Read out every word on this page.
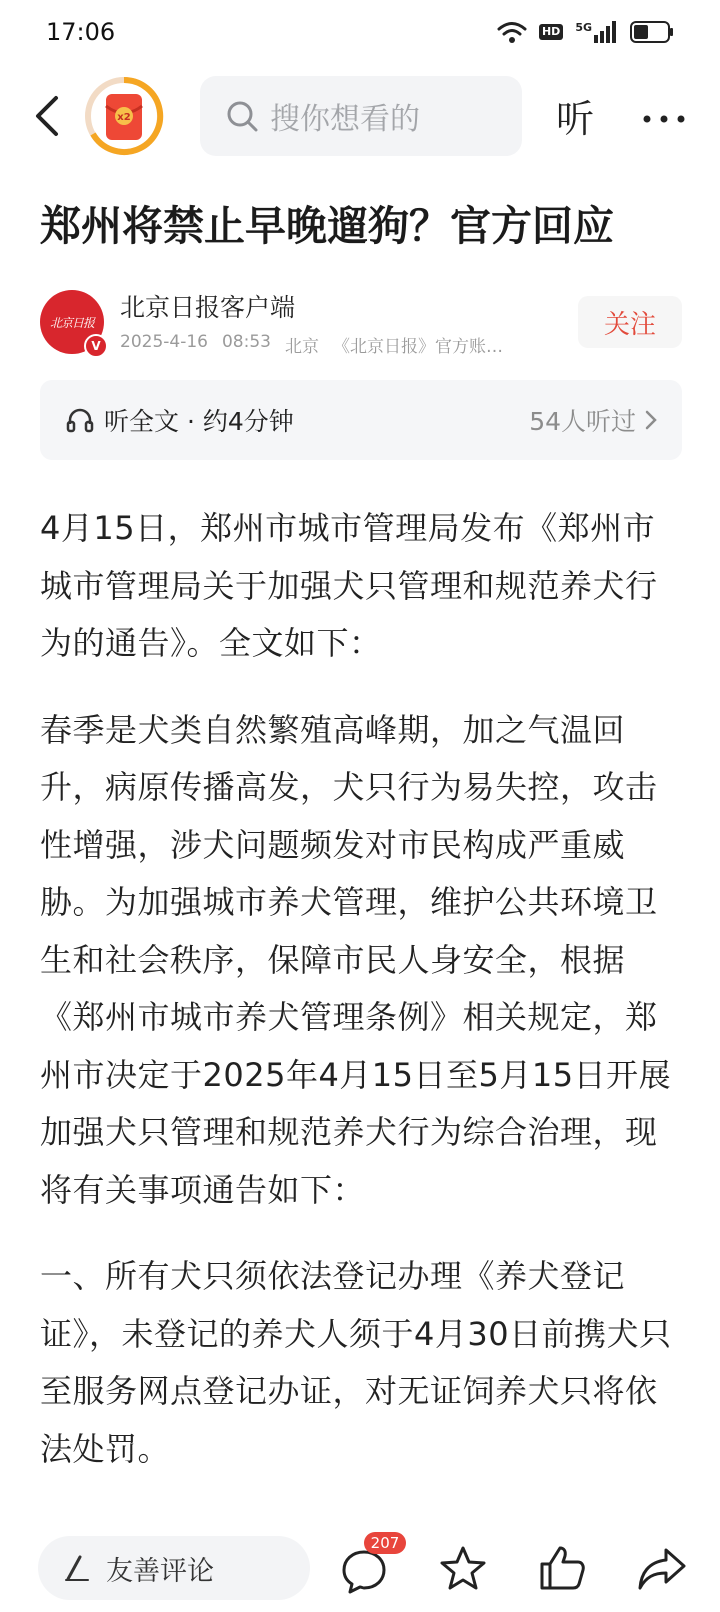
17:06	HD 5G
x2	搜你想看的	听
郑州将禁止早晚遛狗？官方回应
北京日报
V
北京日报客户端
2025-4-16 08:53 北京 《北京日报》官方账…
关注
听全文 · 约4分钟	54人听过

4月15日，郑州市城市管理局发布《郑州市城市管理局关于加强犬只管理和规范养犬行为的通告》。全文如下：

春季是犬类自然繁殖高峰期，加之气温回升，病原传播高发，犬只行为易失控，攻击性增强，涉犬问题频发对市民构成严重威胁。为加强城市养犬管理，维护公共环境卫生和社会秩序，保障市民人身安全，根据《郑州市城市养犬管理条例》相关规定，郑州市决定于2025年4月15日至5月15日开展加强犬只管理和规范养犬行为综合治理，现将有关事项通告如下：

一、所有犬只须依法登记办理《养犬登记证》，未登记的养犬人须于4月30日前携犬只至服务网点登记办证，对无证饲养犬只将依法处罚。

友善评论
207
